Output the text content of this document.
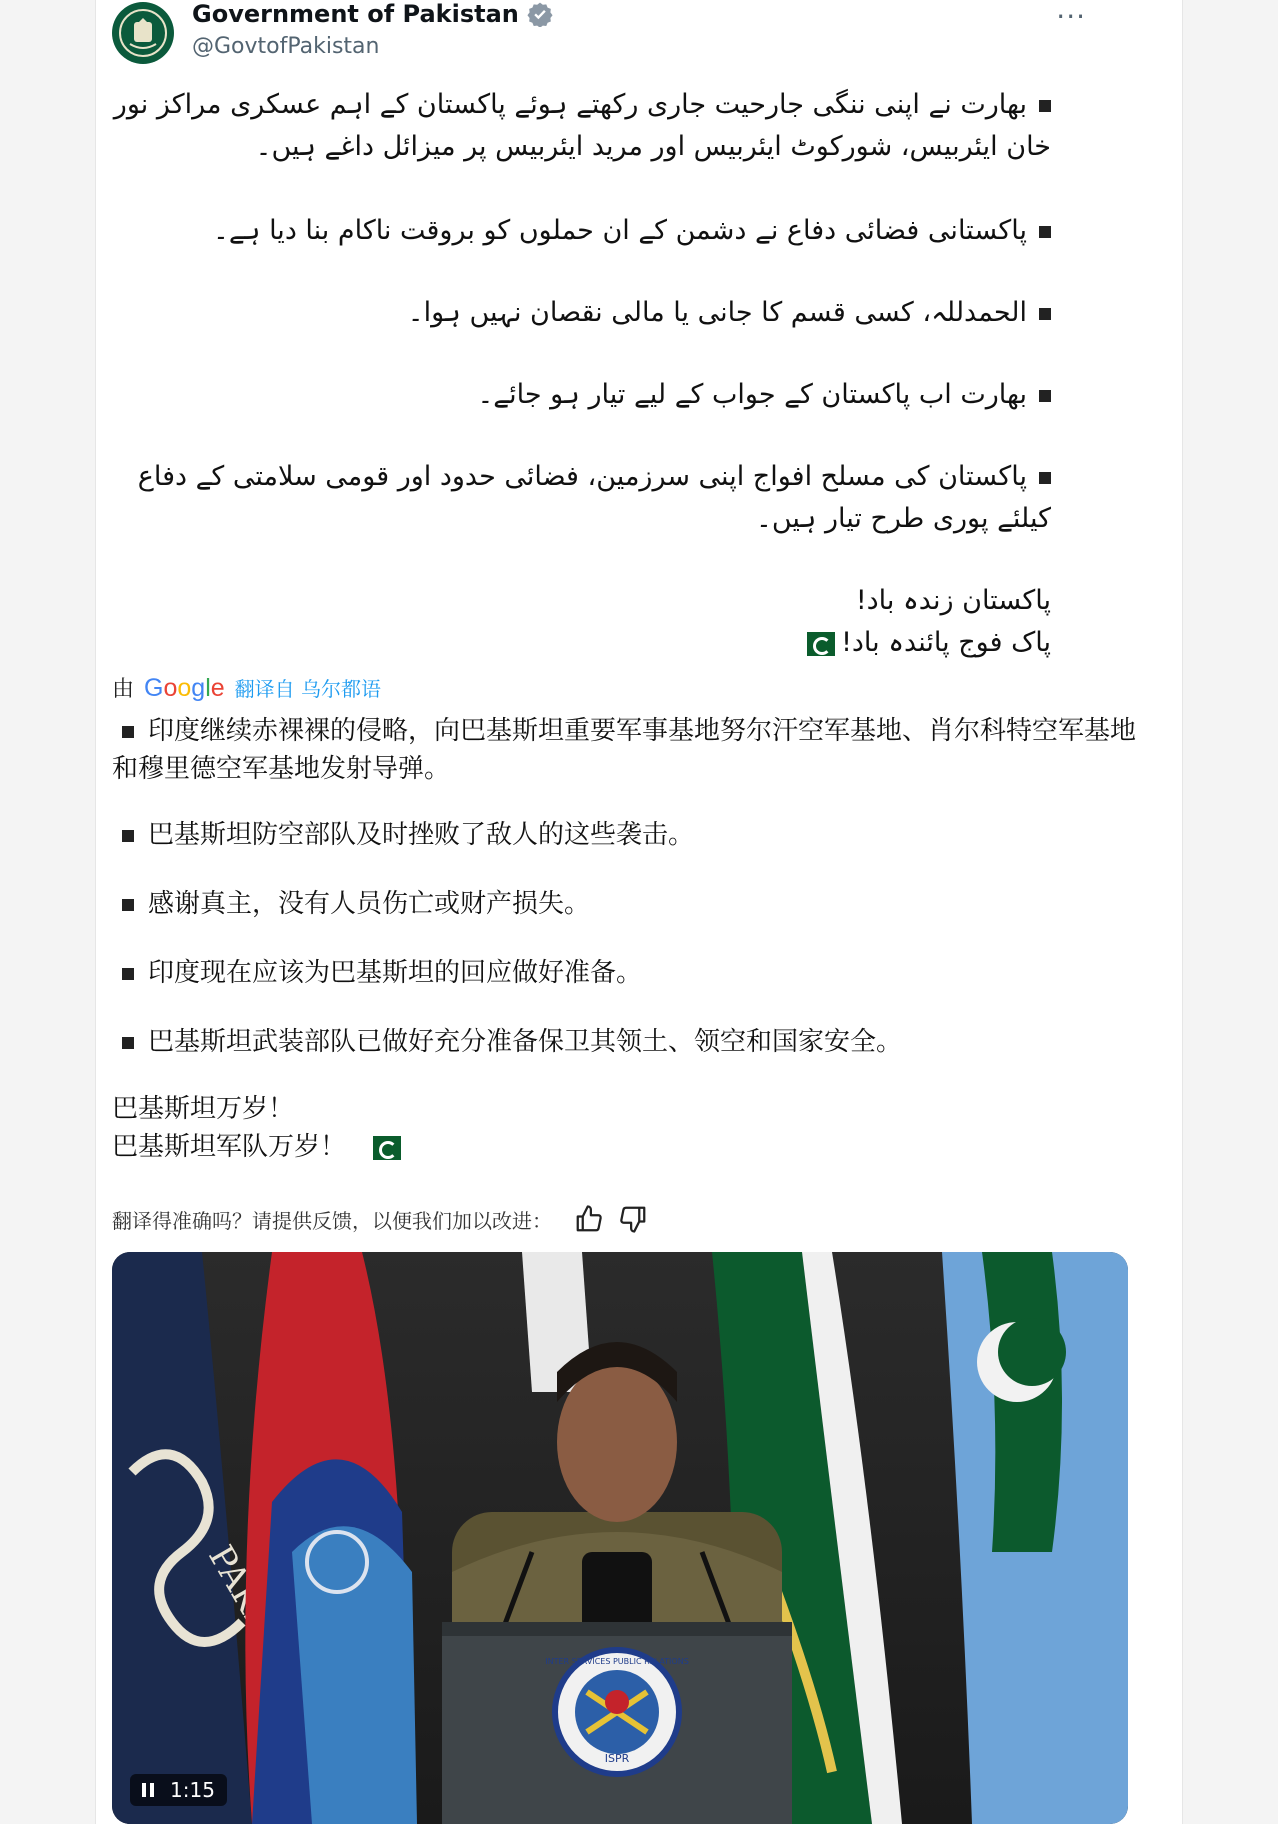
Government of Pakistan
@GovtofPakistan
···
بھارت نے اپنی ننگی جارحیت جاری رکھتے ہوئے پاکستان کے اہم عسکری مراکز نور خان ایئربیس، شورکوٹ ایئربیس اور مرید ایئربیس پر میزائل داغے ہیں۔
پاکستانی فضائی دفاع نے دشمن کے ان حملوں کو بروقت ناکام بنا دیا ہے۔
الحمدللہ، کسی قسم کا جانی یا مالی نقصان نہیں ہوا۔
بھارت اب پاکستان کے جواب کے لیے تیار ہو جائے۔
پاکستان کی مسلح افواج اپنی سرزمین، فضائی حدود اور قومی سلامتی کے دفاع کیلئے پوری طرح تیار ہیں۔
پاکستان زندہ باد!
پاک فوج پائندہ باد!
由 Google 翻译自 乌尔都语
印度继续赤裸裸的侵略，向巴基斯坦重要军事基地努尔汗空军基地、肖尔科特空军基地和穆里德空军基地发射导弹。
巴基斯坦防空部队及时挫败了敌人的这些袭击。
感谢真主，没有人员伤亡或财产损失。
印度现在应该为巴基斯坦的回应做好准备。
巴基斯坦武装部队已做好充分准备保卫其领土、领空和国家安全。
巴基斯坦万岁！
巴基斯坦军队万岁！
翻译得准确吗？请提供反馈，以便我们加以改进：
ISPR
INTER SERVICES PUBLIC RELATIONS
1:15
